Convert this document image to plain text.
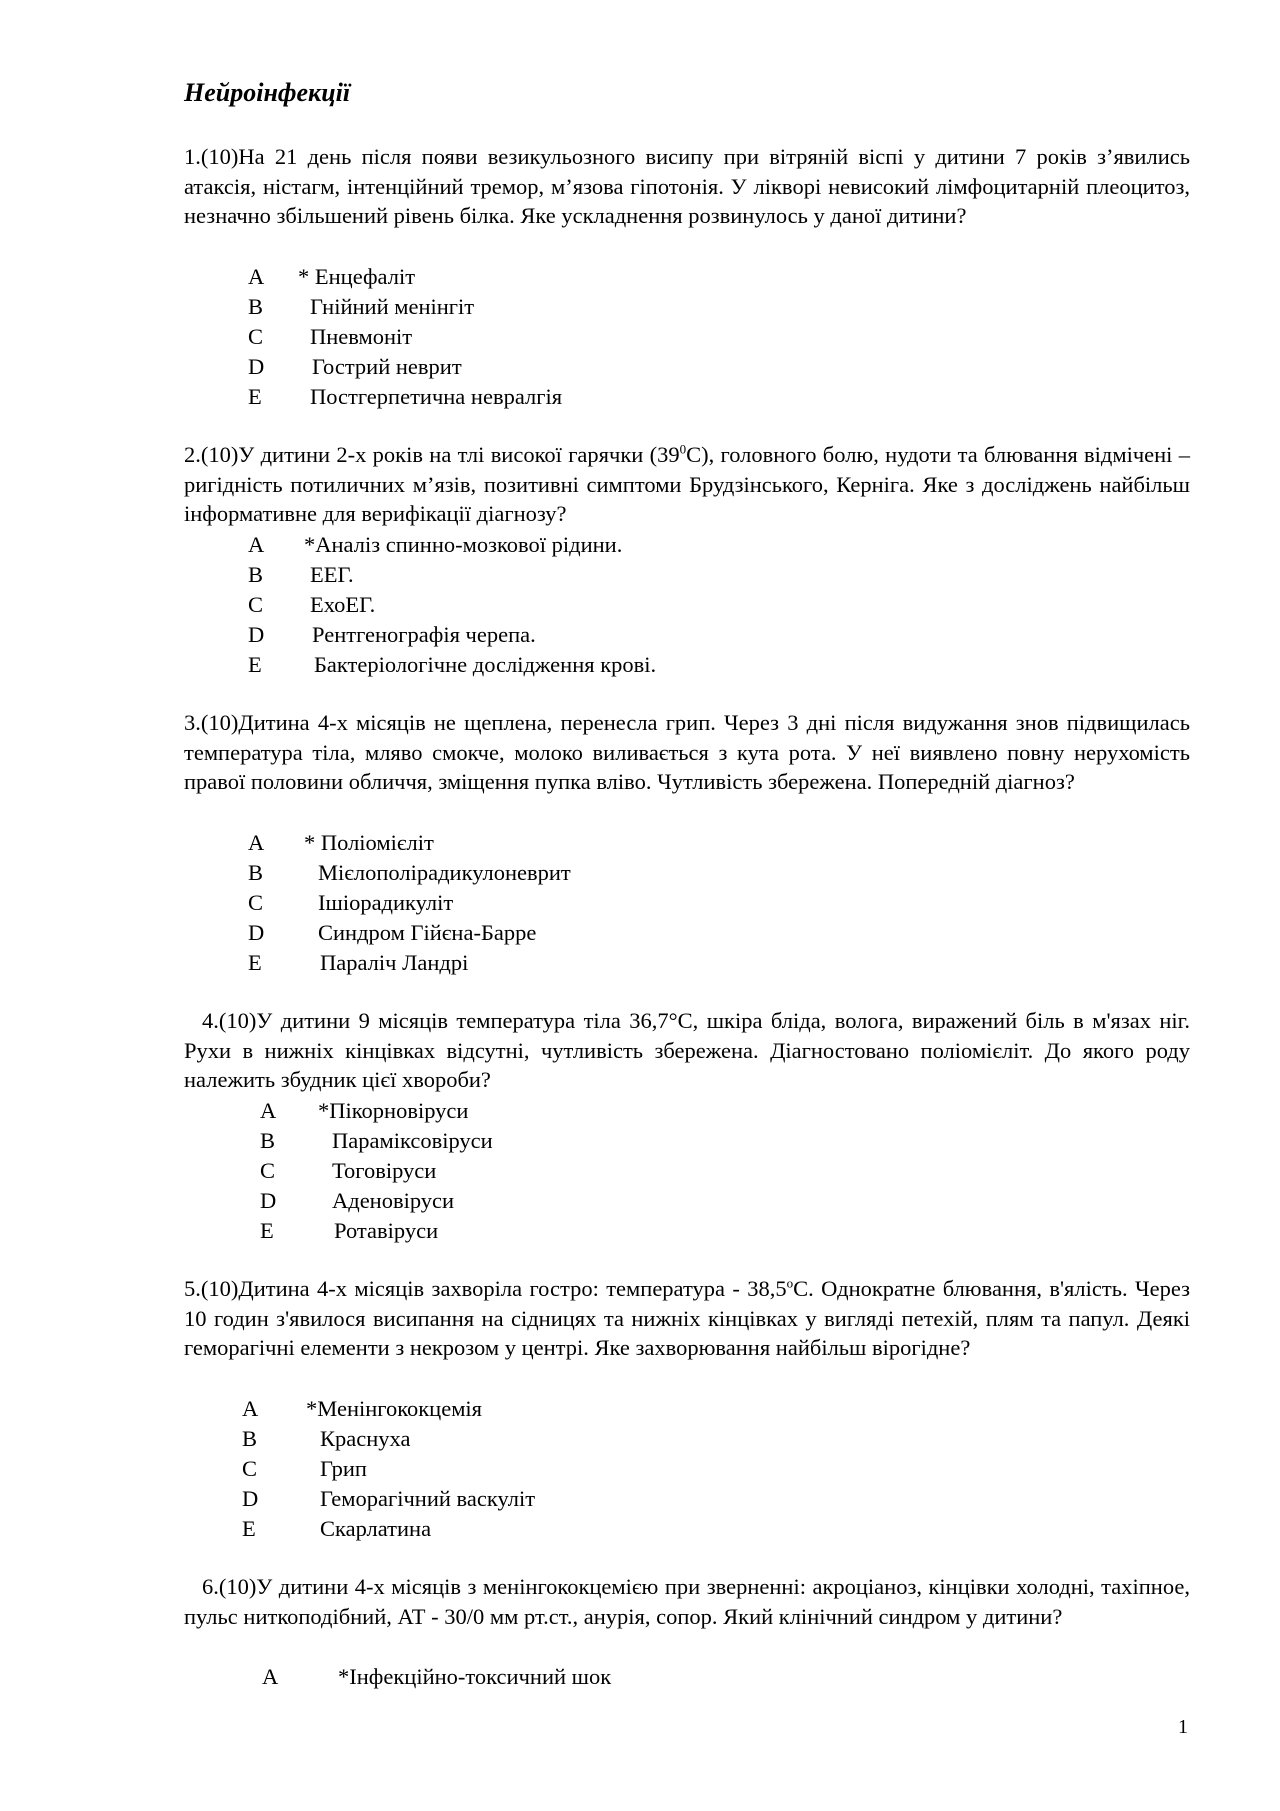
Нейроінфекції

1.(10)На 21 день після появи везикульозного висипу при вітряній віспі у дитини 7 років з’явились атаксія, ністагм, інтенційний тремор, м’язова гіпотонія. У ліквoрі невисокий лімфоцитарній плеоцитоз, незначно збільшений рівень білка. Яке ускладнення розвинулось у даної дитини?

A * Енцефаліт
B Гнійний менінгіт
C Пневмоніт
D Гострий неврит
E Постгерпетична невралгія

2.(10)У дитини 2-х років на тлі високої гарячки $(39^0С)$, головного болю, нудоти та блювання відмічені – ригідність потиличних м’язів, позитивні симптоми Брудзінського, Керніга. Яке з досліджень найбільш інформативне для верифікації діагнозу?

A *Аналіз спинно-мозкової рідини.
B ЕЕГ.
C ЕхоЕГ.
D Рентгенографія черепа.
E Бактеріологічне дослідження крові.

3.(10)Дитина 4-х місяців не щеплена, перенесла грип. Через 3 дні після видужання знов підвищилась температура тіла, мляво смокче, молоко виливається з кута рота. У неї виявлено повну нерухомість правої половини обличчя, зміщення пупка вліво. Чутливість збережена. Попередній діагноз?

A * Поліомієліт
B Мієлополірадикулоневрит
C Ішіорадикуліт
D Синдром Гійєна-Барре
E	Параліч Ландрі

4.(10)У дитини 9 місяців температура тіла 36,7°С, шкіра бліда, волога, виражений біль в м'язах ніг. Рухи в нижніх кінцівках відсутні, чутливість збережена. Діагностовано поліомієліт. До якого роду належить збудник цієї хвороби?

A *Пікорновіруси
B	Параміксовіруси
C	Тоговіруси
D Аденовіруси
E	Ротавіруси

5.(10)Дитина 4-х місяців захворіла гостро: температура - $38,5^оС$. Однократне блювання, в'ялість. Через 10 годин з'явилося висипання на сідницях та нижніх кінцівках у вигляді петехій, плям та папул. Деякі геморагічні елементи з некрозом у центрі. Яке захворювання найбільш вірогідне?

A *Менінгококцемія
B	Краснуха
C	Грип
D	Геморагічний васкуліт
E	Скарлатина

6.(10)У дитини 4-х місяців з менінгококцемією при зверненні: акроціаноз, кінцівки холодні, тахіпное, пульс ниткоподібний, АТ - 30/0 мм рт.ст., анурія, сопор. Який клінічний синдром у дитини?

A	*Інфекційно-токсичний шок
1
